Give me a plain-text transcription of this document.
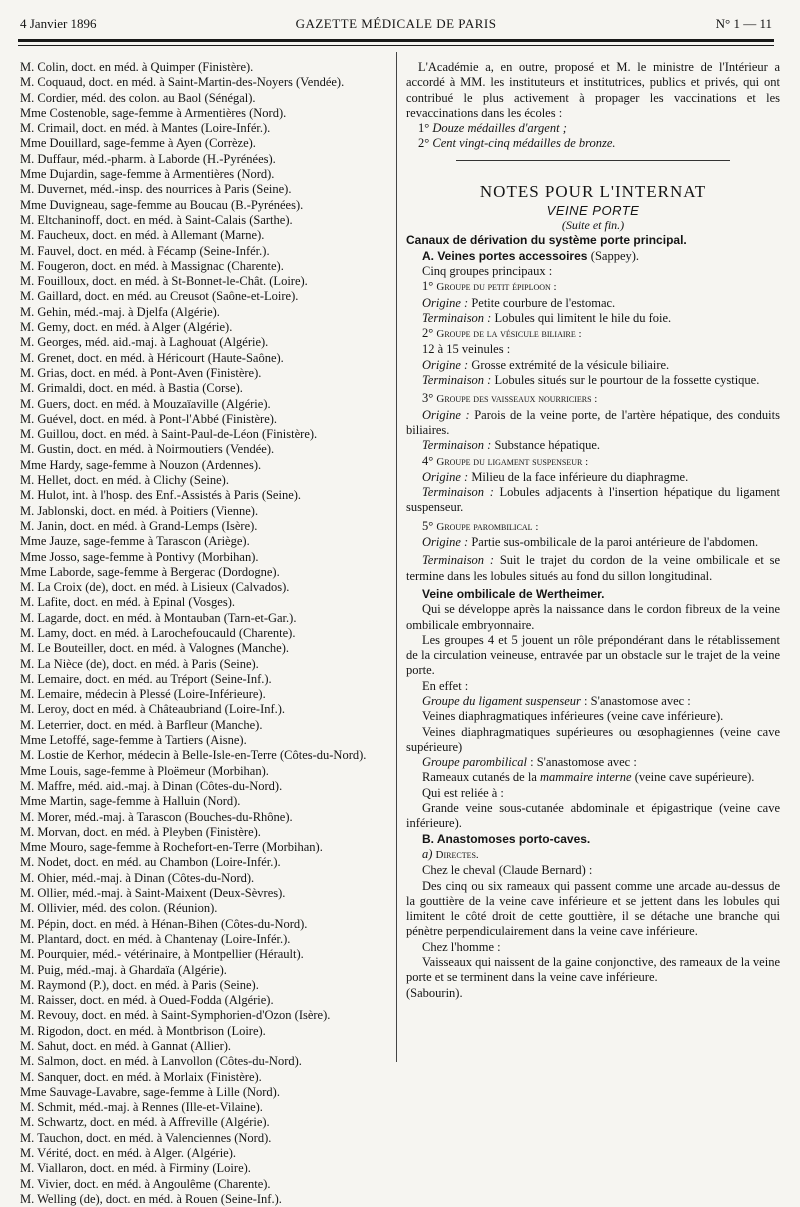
4 Janvier 1896	GAZETTE MÉDICALE DE PARIS	N° 1 — 11
M. Colin, doct. en méd. à Quimper (Finistère).
M. Coquaud, doct. en méd. à Saint-Martin-des-Noyers (Vendée).
M. Cordier, méd. des colon. au Baol (Sénégal).
Mme Costenoble, sage-femme à Armentières (Nord).
M. Crimail, doct. en méd. à Mantes (Loire-Infér.).
Mme Douillard, sage-femme à Ayen (Corrèze).
M. Duffaur, méd.-pharm. à Laborde (H.-Pyrénées).
Mme Dujardin, sage-femme à Armentières (Nord).
M. Duvernet, méd.-insp. des nourrices à Paris (Seine).
Mme Duvigneau, sage-femme au Boucau (B.-Pyrénées).
M. Eltchaninoff, doct. en méd. à Saint-Calais (Sarthe).
M. Faucheux, doct. en méd. à Allemant (Marne).
M. Fauvel, doct. en méd. à Fécamp (Seine-Infér.).
M. Fougeron, doct. en méd. à Massignac (Charente).
M. Fouilloux, doct. en méd. à St-Bonnet-le-Chât. (Loire).
M. Gaillard, doct. en méd. au Creusot (Saône-et-Loire).
M. Gehin, méd.-maj. à Djelfa (Algérie).
M. Gemy, doct. en méd. à Alger (Algérie).
M. Georges, méd. aid.-maj. à Laghouat (Algérie).
M. Grenet, doct. en méd. à Héricourt (Haute-Saône).
M. Grias, doct. en méd. à Pont-Aven (Finistère).
M. Grimaldi, doct. en méd. à Bastia (Corse).
M. Guers, doct. en méd. à Mouzaïaville (Algérie).
M. Guével, doct. en méd. à Pont-l'Abbé (Finistère).
M. Guillou, doct. en méd. à Saint-Paul-de-Léon (Finistère).
M. Gustin, doct. en méd. à Noirmoutiers (Vendée).
Mme Hardy, sage-femme à Nouzon (Ardennes).
M. Hellet, doct. en méd. à Clichy (Seine).
M. Hulot, int. à l'hosp. des Enf.-Assistés à Paris (Seine).
M. Jablonski, doct. en méd. à Poitiers (Vienne).
M. Janin, doct. en méd. à Grand-Lemps (Isère).
Mme Jauze, sage-femme à Tarascon (Ariège).
Mme Josso, sage-femme à Pontivy (Morbihan).
Mme Laborde, sage-femme à Bergerac (Dordogne).
M. La Croix (de), doct. en méd. à Lisieux (Calvados).
M. Lafite, doct. en méd. à Epinal (Vosges).
M. Lagarde, doct. en méd. à Montauban (Tarn-et-Gar.).
M. Lamy, doct. en méd. à Larochefoucauld (Charente).
M. Le Bouteiller, doct. en méd. à Valognes (Manche).
M. La Nièce (de), doct. en méd. à Paris (Seine).
M. Lemaire, doct. en méd. au Tréport (Seine-Inf.).
M. Lemaire, médecin à Plessé (Loire-Inférieure).
M. Leroy, doct en méd. à Châteaubriand (Loire-Inf.).
M. Leterrier, doct. en méd. à Barfleur (Manche).
Mme Letoffé, sage-femme à Tartiers (Aisne).
M. Lostie de Kerhor, médecin à Belle-Isle-en-Terre (Côtes-du-Nord).
Mme Louis, sage-femme à Ploëmeur (Morbihan).
M. Maffre, méd. aid.-maj. à Dinan (Côtes-du-Nord).
Mme Martin, sage-femme à Halluin (Nord).
M. Morer, méd.-maj. à Tarascon (Bouches-du-Rhône).
M. Morvan, doct. en méd. à Pleyben (Finistère).
Mme Mouro, sage-femme à Rochefort-en-Terre (Morbihan).
M. Nodet, doct. en méd. au Chambon (Loire-Infér.).
M. Ohier, méd.-maj. à Dinan (Côtes-du-Nord).
M. Ollier, méd.-maj. à Saint-Maixent (Deux-Sèvres).
M. Ollivier, méd. des colon. (Réunion).
M. Pépin, doct. en méd. à Hénan-Bihen (Côtes-du-Nord).
M. Plantard, doct. en méd. à Chantenay (Loire-Infér.).
M. Pourquier, méd.- vétérinaire, à Montpellier (Hérault).
M. Puig, méd.-maj. à Ghardaïa (Algérie).
M. Raymond (P.), doct. en méd. à Paris (Seine).
M. Raisser, doct. en méd. à Oued-Fodda (Algérie).
M. Revouy, doct. en méd. à Saint-Symphorien-d'Ozon (Isère).
M. Rigodon, doct. en méd. à Montbrison (Loire).
M. Sahut, doct. en méd. à Gannat (Allier).
M. Salmon, doct. en méd. à Lanvollon (Côtes-du-Nord).
M. Sanquer, doct. en méd. à Morlaix (Finistère).
Mme Sauvage-Lavabre, sage-femme à Lille (Nord).
M. Schmit, méd.-maj. à Rennes (Ille-et-Vilaine).
M. Schwartz, doct. en méd. à Affreville (Algérie).
M. Tauchon, doct. en méd. à Valenciennes (Nord).
M. Vérité, doct. en méd. à Alger. (Algérie).
M. Viallaron, doct. en méd. à Firminy (Loire).
M. Vivier, doct. en méd. à Angoulême (Charente).
M. Welling (de), doct. en méd. à Rouen (Seine-Inf.).

L'Académie a, en outre, proposé et M. le ministre de l'Intérieur a accordé à MM. les instituteurs et institutrices, publics et privés, qui ont contribué le plus activement à propager les vaccinations et les revaccinations dans les écoles :

1° Douze médailles d'argent ;

2° Cent vingt-cinq médailles de bronze.

NOTES POUR L'INTERNAT

VEINE PORTE

(Suite et fin.)

Canaux de dérivation du système porte principal.

A. Veines portes accessoires (Sappey).

Cinq groupes principaux :

1° Groupe du petit épiploon :

Origine : Petite courbure de l'estomac.

Terminaison : Lobules qui limitent le hile du foie.

2° Groupe de la vésicule biliaire :

12 à 15 veinules :

Origine : Grosse extrémité de la vésicule biliaire.

Terminaison : Lobules situés sur le pourtour de la fossette cystique.

3° Groupe des vaisseaux nourriciers :

Origine : Parois de la veine porte, de l'artère hépatique, des conduits biliaires.

Terminaison : Substance hépatique.

4° Groupe du ligament suspenseur :

Origine : Milieu de la face inférieure du diaphragme.

Terminaison : Lobules adjacents à l'insertion hépatique du ligament suspenseur.

5° Groupe parombilical :

Origine : Partie sus-ombilicale de la paroi antérieure de l'abdomen.

Terminaison : Suit le trajet du cordon de la veine ombilicale et se termine dans les lobules situés au fond du sillon longitudinal.

Veine ombilicale de Wertheimer.

Qui se développe après la naissance dans le cordon fibreux de la veine ombilicale embryonnaire.

Les groupes 4 et 5 jouent un rôle prépondérant dans le rétablissement de la circulation veineuse, entravée par un obstacle sur le trajet de la veine porte.

En effet :

Groupe du ligament suspenseur : S'anastomose avec :

Veines diaphragmatiques inférieures (veine cave inférieure).

Veines diaphragmatiques supérieures ou œsophagiennes (veine cave supérieure)

Groupe parombilical : S'anastomose avec :

Rameaux cutanés de la mammaire interne (veine cave supérieure).

Qui est reliée à :

Grande veine sous-cutanée abdominale et épigastrique (veine cave inférieure).

B. Anastomoses porto-caves.

a) Directes.

Chez le cheval (Claude Bernard) :

Des cinq ou six rameaux qui passent comme une arcade au-dessus de la gouttière de la veine cave inférieure et se jettent dans les lobules qui limitent le côté droit de cette gouttière, il se détache une branche qui pénètre perpendiculairement dans la veine cave inférieure.

Chez l'homme :

Vaisseaux qui naissent de la gaine conjonctive, des rameaux de la veine porte et se terminent dans la veine cave inférieure.

(Sabourin).
